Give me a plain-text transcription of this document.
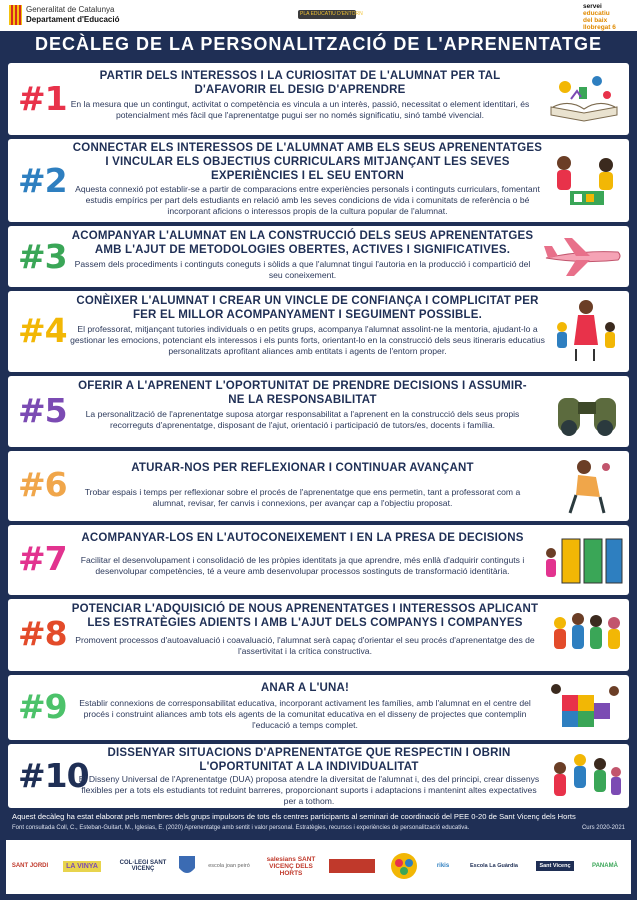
Generalitat de Catalunya
Departament d'Educació
PLA EDUCATIU D'ENTORN
servei
educatiu
del baix
llobregat 6
DECÀLEG DE LA PERSONALITZACIÓ DE L'APRENENTATGE
#1
PARTIR DELS INTERESSOS I LA CURIOSITAT DE L'ALUMNAT PER TAL D'AFAVORIR EL DESIG D'APRENDRE
En la mesura que un contingut, activitat o competència es vincula a un interès, passió, necessitat o element identitari, és potencialment més fàcil que l'aprenentatge pugui ser no només significatiu, sinó també vivencial.
#2
CONNECTAR ELS INTERESSOS DE L'ALUMNAT AMB ELS SEUS APRENENTATGES I VINCULAR ELS OBJECTIUS CURRICULARS MITJANÇANT LES SEVES EXPERIÈNCIES I EL SEU ENTORN
Aquesta connexió pot establir-se a partir de comparacions entre experiències personals i continguts curriculars, fomentant estudis empírics per part dels estudiants en relació amb les seves condicions de vida i comunitats de referència o bé incorporant aficions o interessos propis de la cultura popular de l'alumnat.
#3
ACOMPANYAR L'ALUMNAT EN LA CONSTRUCCIÓ DELS SEUS APRENENTATGES AMB L'AJUT DE METODOLOGIES OBERTES, ACTIVES I SIGNIFICATIVES.
Passem dels procediments i continguts coneguts i sòlids a que l'alumnat tingui l'autoria en la producció i compartició del seu coneixement.
#4
CONÈIXER L'ALUMNAT I CREAR UN VINCLE DE CONFIANÇA I COMPLICITAT PER FER EL MILLOR ACOMPANYAMENT I SEGUIMENT POSSIBLE.
El professorat, mitjançant tutories individuals o en petits grups, acompanya l'alumnat assolint-ne la mentoria, ajudant-lo a gestionar les emocions, potenciant els interessos i els punts forts, orientant-lo en la construcció dels seus itineraris educatius personalitzats aprofitant aliances amb entitats i agents de l'entorn proper.
#5
OFERIR A L'APRENENT L'OPORTUNITAT DE PRENDRE DECISIONS I ASSUMIR-NE LA RESPONSABILITAT
La personalització de l'aprenentatge suposa atorgar responsabilitat a l'aprenent en la construcció dels seus propis recorreguts d'aprenentatge, disposant de l'ajut, orientació i participació de tutors/es, docents i família.
#6	ATURAR-NOS PER REFLEXIONAR I CONTINUAR AVANÇANT
Trobar espais i temps per reflexionar sobre el procés de l'aprenentatge que ens permetin, tant a professorat com a alumnat, revisar, fer canvis i connexions, per avançar cap a l'objectiu proposat.
#7
ACOMPANYAR-LOS EN L'AUTOCONEIXEMENT I EN LA PRESA DE DECISIONS
Facilitar el desenvolupament i consolidació de les pròpies identitats ja que aprendre, més enllà d'adquirir continguts i desenvolupar competències, té a veure amb desenvolupar processos sostinguts de transformació identitària.
#8
POTENCIAR L'ADQUISICIÓ DE NOUS APRENENTATGES I INTERESSOS APLICANT LES ESTRATÈGIES ADIENTS I AMB L'AJUT DELS COMPANYS I COMPANYES
Promovent processos d'autoavaluació i coavaluació, l'alumnat serà capaç d'orientar el seu procés d'aprenentatge des de l'assertivitat i la crítica constructiva.
#9	ANAR A L'UNA!
Establir connexions de corresponsabilitat educativa, incorporant activament les famílies, amb l'alumnat en el centre del procés i construint aliances amb tots els agents de la comunitat educativa en el disseny de projectes que contemplin l'educació a temps complet.
#10
DISSENYAR SITUACIONS D'APRENENTATGE QUE RESPECTIN I OBRIN L'OPORTUNITAT A LA INDIVIDUALITAT
El Disseny Universal de l'Aprenentatge (DUA) proposa atendre la diversitat de l'alumnat i, des del principi, crear dissenys flexibles per a tots els estudiants tot reduint barreres, proporcionant suports i adaptacions i mantenint altes expectatives per a tothom.
Aquest decàleg ha estat elaborat pels membres dels grups impulsors de tots els centres participants al seminari de coordinació del PEE 0-20 de Sant Vicenç dels Horts
Font consultada Coll, C., Esteban-Guitart, M., Iglesias, E. (2020) Aprenentatge amb sentit i valor personal. Estratègies, recursos i experiències de personalització educativa.	Curs 2020-2021
SANT JORDI	LA VINYA	COL·LEGI SANT VICENÇ	escola joan peiró
salesians SANT VICENÇ DELS HORTS
rikis	Escola La Guàrdia	Sant Vicenç	PANAMÀ
